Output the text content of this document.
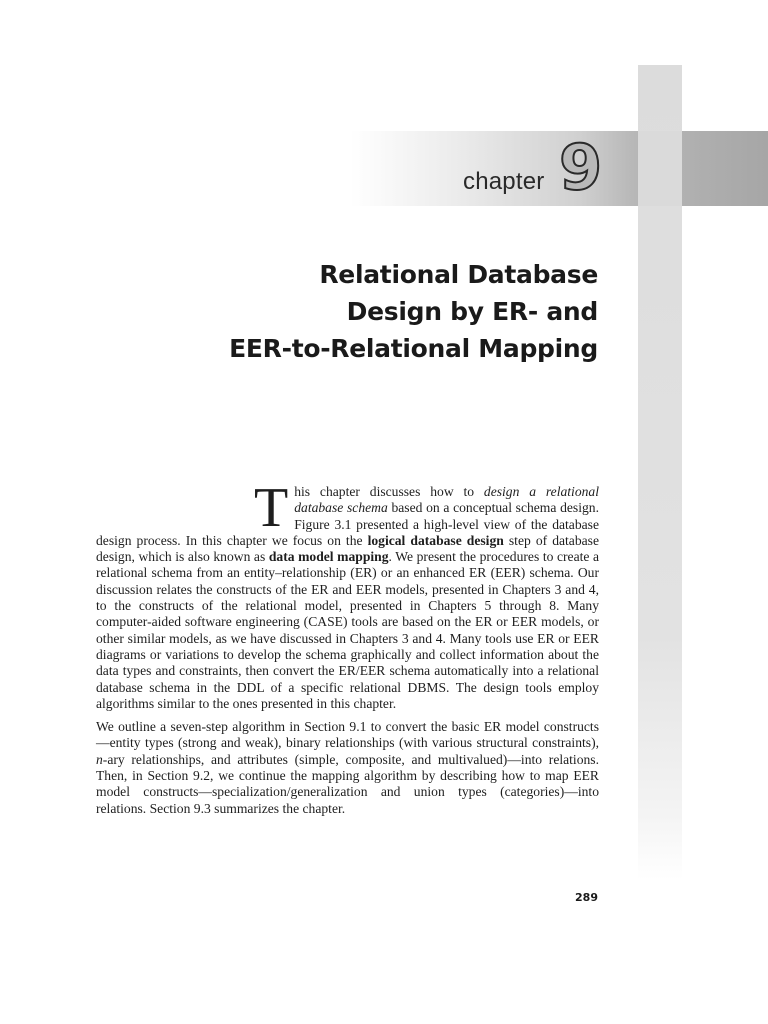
chapter 9
Relational Database
Design by ER- and
EER-to-Relational Mapping

This chapter discusses how to design a relational database schema based on a conceptual schema design. Figure 3.1 presented a high-level view of the database design process. In this chapter we focus on the logical database design step of database design, which is also known as data model mapping. We present the procedures to create a relational schema from an entity–relationship (ER) or an enhanced ER (EER) schema. Our discussion relates the constructs of the ER and EER models, presented in Chapters 3 and 4, to the constructs of the relational model, presented in Chapters 5 through 8. Many computer-aided software engineering (CASE) tools are based on the ER or EER models, or other similar models, as we have discussed in Chapters 3 and 4. Many tools use ER or EER diagrams or variations to develop the schema graphically and collect information about the data types and constraints, then convert the ER/EER schema automatically into a relational database schema in the DDL of a specific relational DBMS. The design tools employ algorithms similar to the ones presented in this chapter.

We outline a seven-step algorithm in Section 9.1 to convert the basic ER model constructs—entity types (strong and weak), binary relationships (with various structural constraints), n-ary relationships, and attributes (simple, composite, and multivalued)—into relations. Then, in Section 9.2, we continue the mapping algorithm by describing how to map EER model constructs—specialization/generalization and union types (categories)—into relations. Section 9.3 summarizes the chapter.

289
